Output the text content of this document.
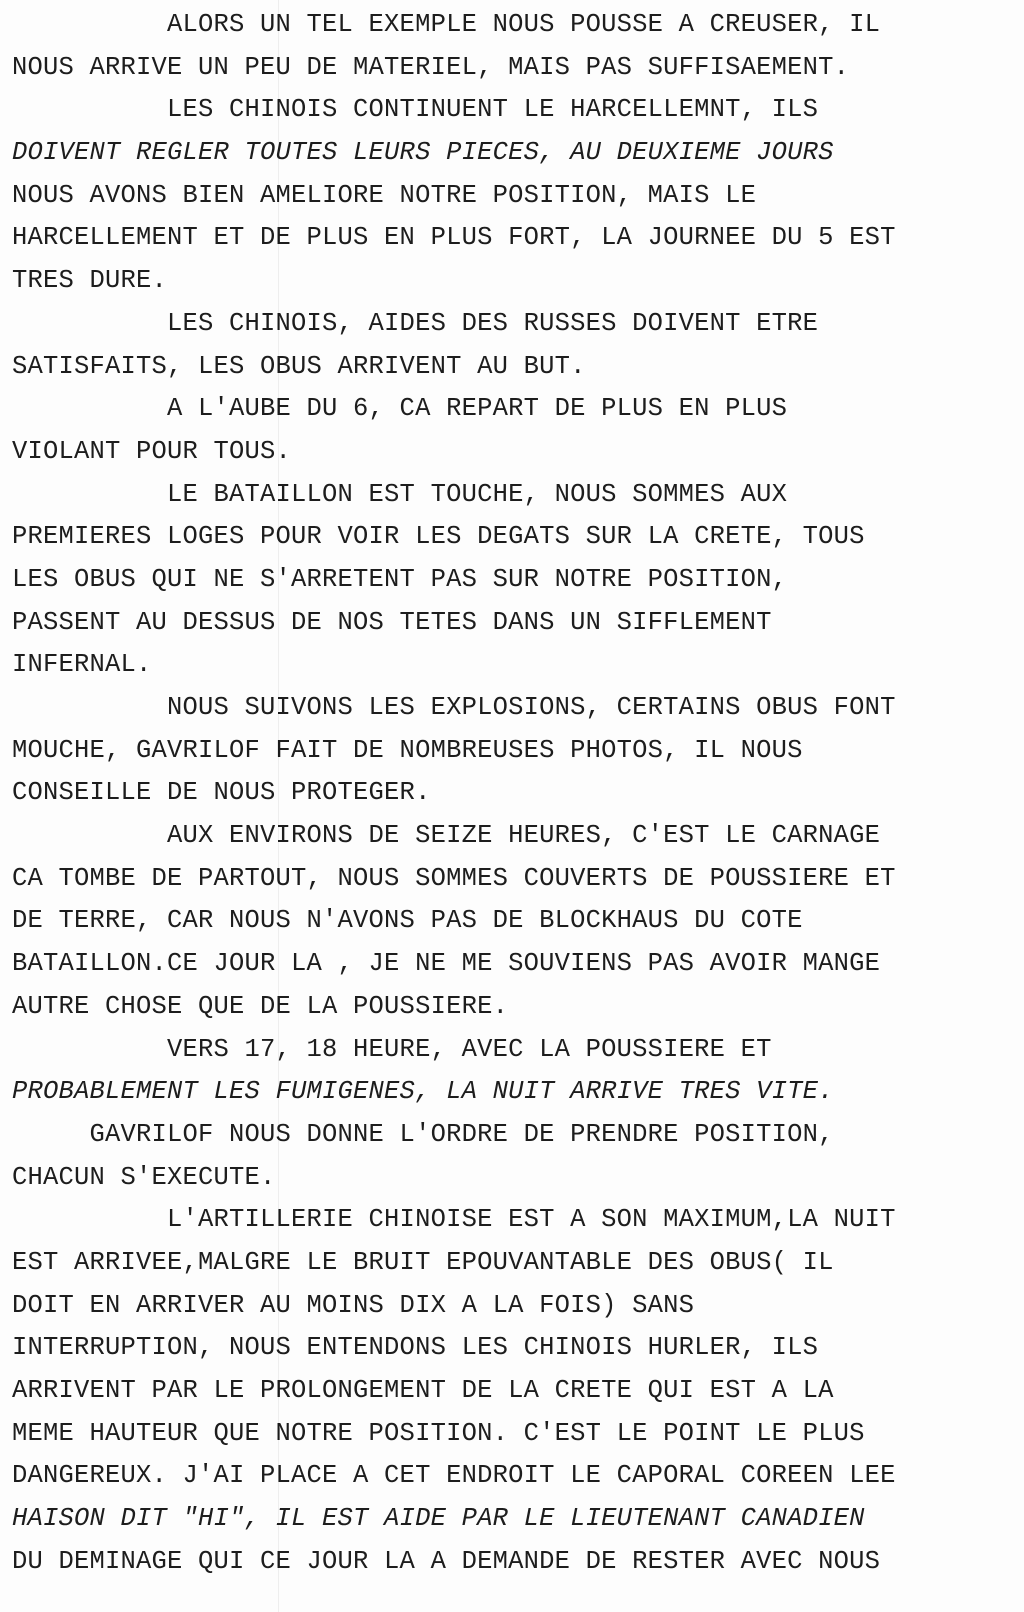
ALORS UN TEL EXEMPLE NOUS POUSSE A CREUSER, IL
NOUS ARRIVE UN PEU DE MATERIEL, MAIS PAS SUFFISAEMENT.
LES CHINOIS CONTINUENT LE HARCELLEMNT, ILS
DOIVENT REGLER TOUTES LEURS PIECES, AU DEUXIEME JOURS
NOUS AVONS BIEN AMELIORE NOTRE POSITION, MAIS LE
HARCELLEMENT ET DE PLUS EN PLUS FORT, LA JOURNEE DU 5 EST
TRES DURE.
LES CHINOIS, AIDES DES RUSSES DOIVENT ETRE
SATISFAITS, LES OBUS ARRIVENT AU BUT.
A L'AUBE DU 6, CA REPART DE PLUS EN PLUS
VIOLANT POUR TOUS.
LE BATAILLON EST TOUCHE, NOUS SOMMES AUX
PREMIERES LOGES POUR VOIR LES DEGATS SUR LA CRETE, TOUS
LES OBUS QUI NE S'ARRETENT PAS SUR NOTRE POSITION,
PASSENT AU DESSUS DE NOS TETES DANS UN SIFFLEMENT
INFERNAL.
NOUS SUIVONS LES EXPLOSIONS, CERTAINS OBUS FONT
MOUCHE, GAVRILOF FAIT DE NOMBREUSES PHOTOS, IL NOUS
CONSEILLE DE NOUS PROTEGER.
AUX ENVIRONS DE SEIZE HEURES, C'EST LE CARNAGE
CA TOMBE DE PARTOUT, NOUS SOMMES COUVERTS DE POUSSIERE ET
DE TERRE, CAR NOUS N'AVONS PAS DE BLOCKHAUS DU COTE
BATAILLON.CE JOUR LA , JE NE ME SOUVIENS PAS AVOIR MANGE
AUTRE CHOSE QUE DE LA POUSSIERE.
VERS 17, 18 HEURE, AVEC LA POUSSIERE ET
PROBABLEMENT LES FUMIGENES, LA NUIT ARRIVE TRES VITE.
GAVRILOF NOUS DONNE L'ORDRE DE PRENDRE POSITION,
CHACUN S'EXECUTE.
L'ARTILLERIE CHINOISE EST A SON MAXIMUM,LA NUIT
EST ARRIVEE,MALGRE LE BRUIT EPOUVANTABLE DES OBUS( IL
DOIT EN ARRIVER AU MOINS DIX A LA FOIS) SANS
INTERRUPTION, NOUS ENTENDONS LES CHINOIS HURLER, ILS
ARRIVENT PAR LE PROLONGEMENT DE LA CRETE QUI EST A LA
MEME HAUTEUR QUE NOTRE POSITION. C'EST LE POINT LE PLUS
DANGEREUX. J'AI PLACE A CET ENDROIT LE CAPORAL COREEN LEE
HAISON DIT "HI", IL EST AIDE PAR LE LIEUTENANT CANADIEN
DU DEMINAGE QUI CE JOUR LA A DEMANDE DE RESTER AVEC NOUS
